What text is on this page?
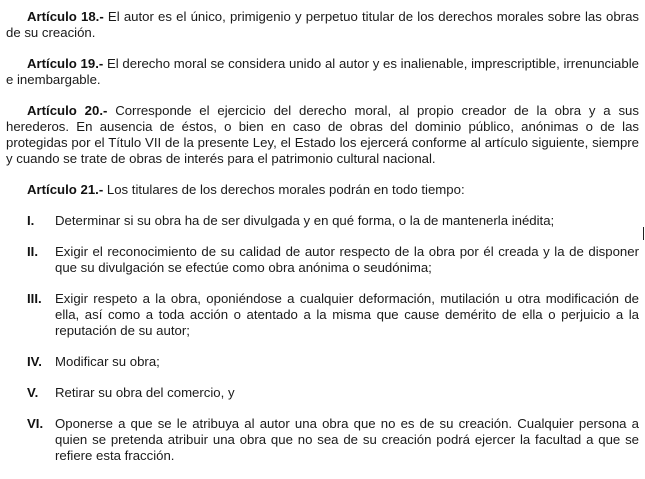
Artículo 18.- El autor es el único, primigenio y perpetuo titular de los derechos morales sobre las obras de su creación.

Artículo 19.- El derecho moral se considera unido al autor y es inalienable, imprescriptible, irrenunciable e inembargable.

Artículo 20.- Corresponde el ejercicio del derecho moral, al propio creador de la obra y a sus herederos. En ausencia de éstos, o bien en caso de obras del dominio público, anónimas o de las protegidas por el Título VII de la presente Ley, el Estado los ejercerá conforme al artículo siguiente, siempre y cuando se trate de obras de interés para el patrimonio cultural nacional.

Artículo 21.- Los titulares de los derechos morales podrán en todo tiempo:

I. Determinar si su obra ha de ser divulgada y en qué forma, o la de mantenerla inédita;
II. Exigir el reconocimiento de su calidad de autor respecto de la obra por él creada y la de disponer que su divulgación se efectúe como obra anónima o seudónima;
III. Exigir respeto a la obra, oponiéndose a cualquier deformación, mutilación u otra modificación de ella, así como a toda acción o atentado a la misma que cause demérito de ella o perjuicio a la reputación de su autor;
IV. Modificar su obra;
V. Retirar su obra del comercio, y
VI. Oponerse a que se le atribuya al autor una obra que no es de su creación. Cualquier persona a quien se pretenda atribuir una obra que no sea de su creación podrá ejercer la facultad a que se refiere esta fracción.
